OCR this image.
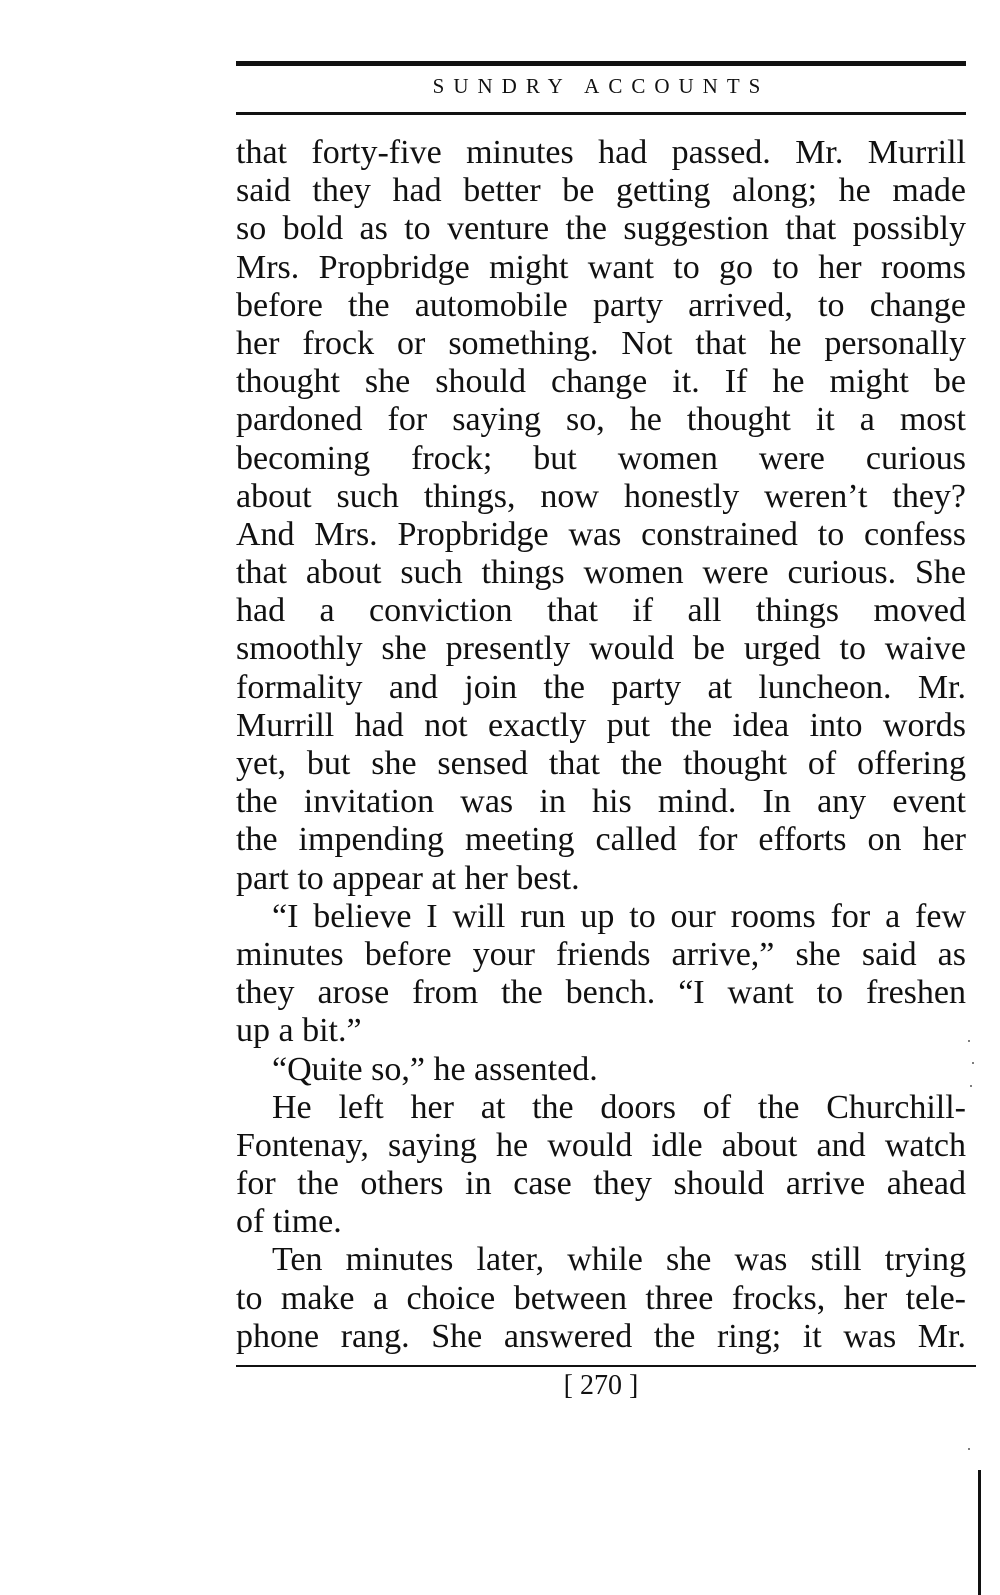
SUNDRY ACCOUNTS
that forty-five minutes had passed. Mr. Murrill
said they had better be getting along; he made
so bold as to venture the suggestion that possibly
Mrs. Propbridge might want to go to her rooms
before the automobile party arrived, to change
her frock or something. Not that he personally
thought she should change it. If he might be
pardoned for saying so, he thought it a most
becoming frock; but women were curious
about such things, now honestly weren’t they?
And Mrs. Propbridge was constrained to confess
that about such things women were curious. She
had a conviction that if all things moved
smoothly she presently would be urged to waive
formality and join the party at luncheon. Mr.
Murrill had not exactly put the idea into words
yet, but she sensed that the thought of offering
the invitation was in his mind. In any event
the impending meeting called for efforts on her
part to appear at her best.
“I believe I will run up to our rooms for a few
minutes before your friends arrive,” she said as
they arose from the bench. “I want to freshen
up a bit.”
“Quite so,” he assented.
He left her at the doors of the Churchill-
Fontenay, saying he would idle about and watch
for the others in case they should arrive ahead
of time.
Ten minutes later, while she was still trying
to make a choice between three frocks, her tele-
phone rang. She answered the ring; it was Mr.
[ 270 ]
